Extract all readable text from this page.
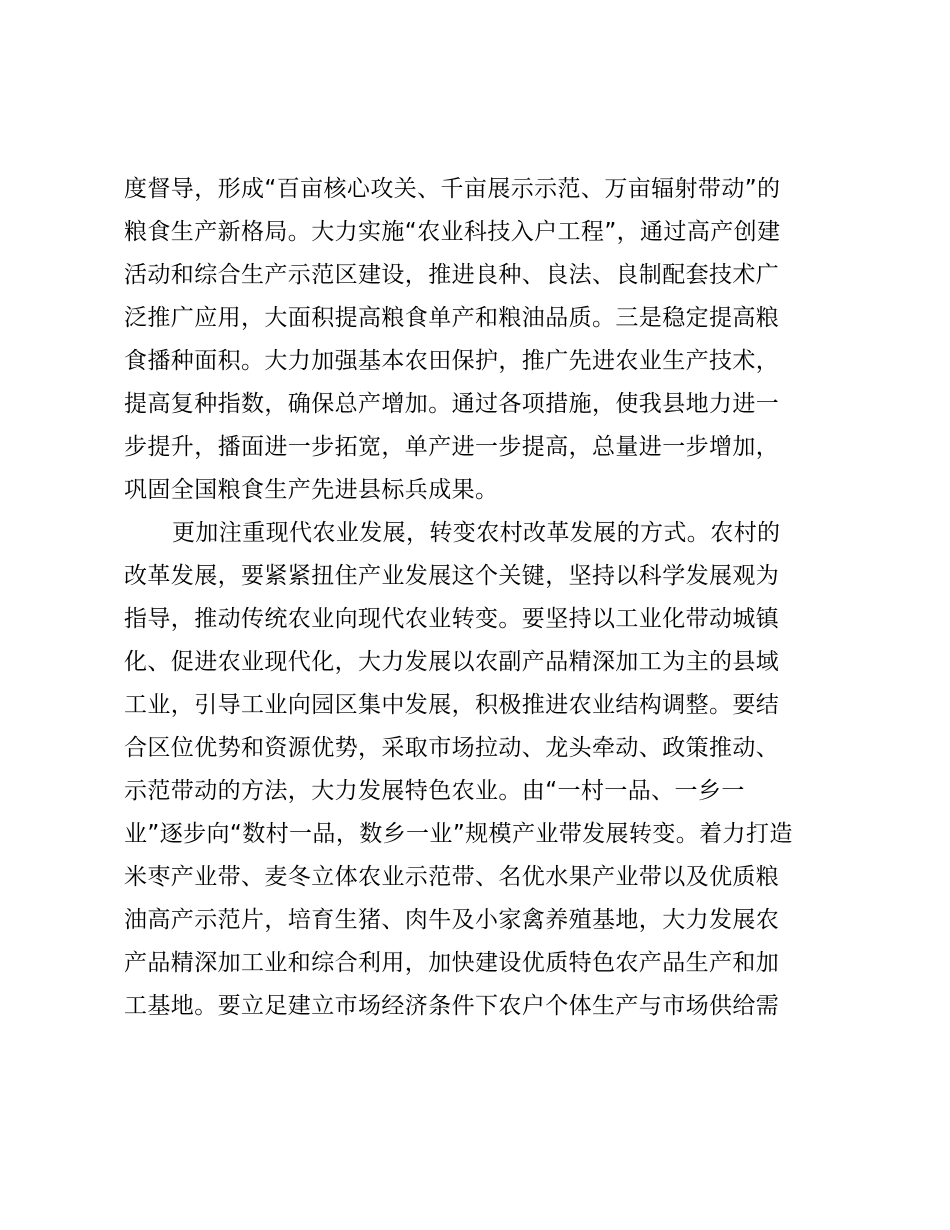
度督导，形成“百亩核心攻关、千亩展示示范、万亩辐射带动”的
粮食生产新格局。大力实施“农业科技入户工程”，通过高产创建
活动和综合生产示范区建设，推进良种、良法、良制配套技术广
泛推广应用，大面积提高粮食单产和粮油品质。三是稳定提高粮
食播种面积。大力加强基本农田保护，推广先进农业生产技术，
提高复种指数，确保总产增加。通过各项措施，使我县地力进一
步提升，播面进一步拓宽，单产进一步提高，总量进一步增加，
巩固全国粮食生产先进县标兵成果。
更加注重现代农业发展，转变农村改革发展的方式。农村的
改革发展，要紧紧扭住产业发展这个关键，坚持以科学发展观为
指导，推动传统农业向现代农业转变。要坚持以工业化带动城镇
化、促进农业现代化，大力发展以农副产品精深加工为主的县域
工业，引导工业向园区集中发展，积极推进农业结构调整。要结
合区位优势和资源优势，采取市场拉动、龙头牵动、政策推动、
示范带动的方法，大力发展特色农业。由“一村一品、一乡一
业”逐步向“数村一品，数乡一业”规模产业带发展转变。着力打造
米枣产业带、麦冬立体农业示范带、名优水果产业带以及优质粮
油高产示范片，培育生猪、肉牛及小家禽养殖基地，大力发展农
产品精深加工业和综合利用，加快建设优质特色农产品生产和加
工基地。要立足建立市场经济条件下农户个体生产与市场供给需
